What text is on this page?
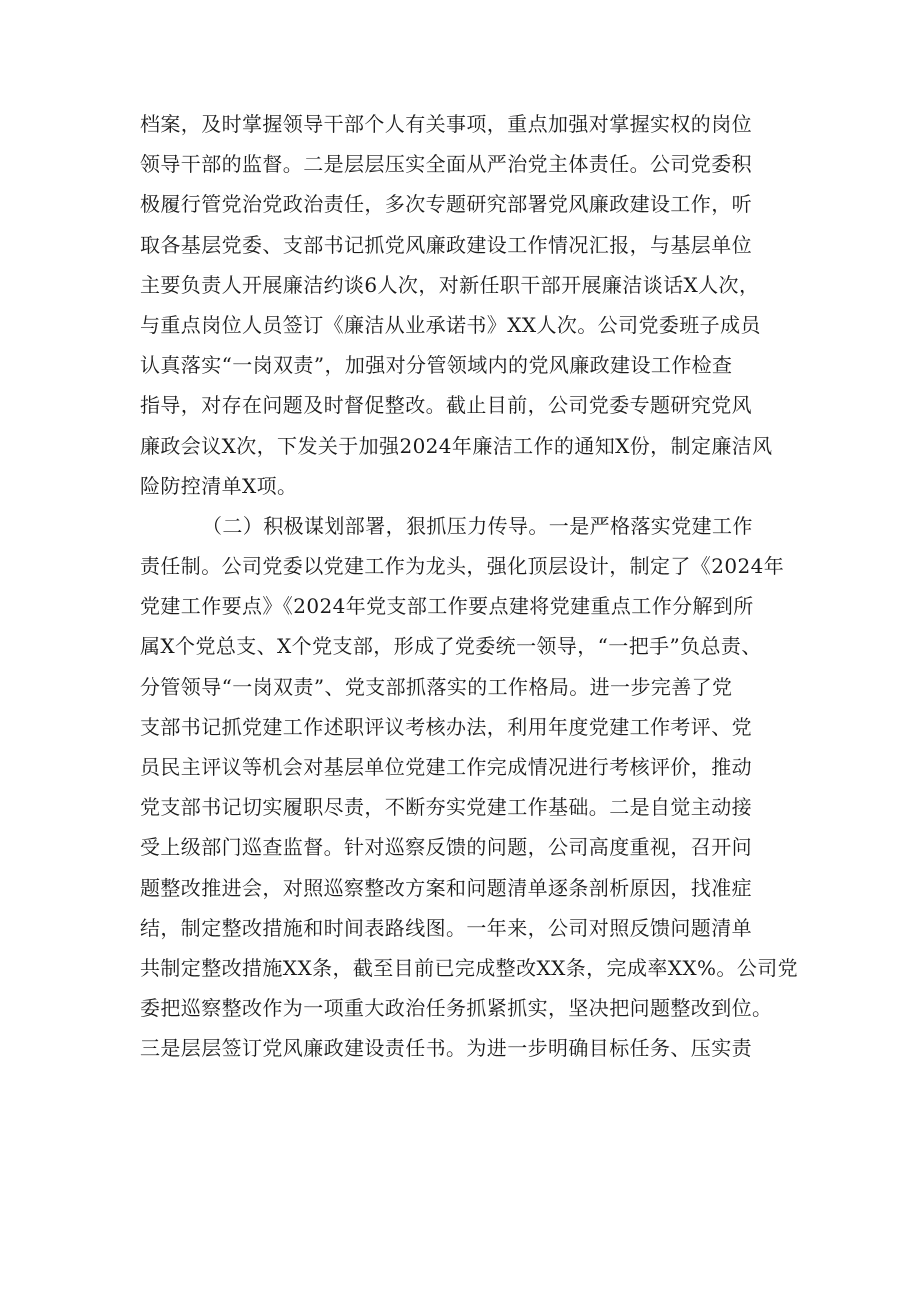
档案，及时掌握领导干部个人有关事项，重点加强对掌握实权的岗位
领导干部的监督。二是层层压实全面从严治党主体责任。公司党委积
极履行管党治党政治责任，多次专题研究部署党风廉政建设工作，听
取各基层党委、支部书记抓党风廉政建设工作情况汇报，与基层单位
主要负责人开展廉洁约谈6人次，对新任职干部开展廉洁谈话X人次，
与重点岗位人员签订《廉洁从业承诺书》XX人次。公司党委班子成员
认真落实“一岗双责”，加强对分管领域内的党风廉政建设工作检查
指导，对存在问题及时督促整改。截止目前，公司党委专题研究党风
廉政会议X次，下发关于加强2024年廉洁工作的通知X份，制定廉洁风
险防控清单X项。
（二）积极谋划部署，狠抓压力传导。一是严格落实党建工作
责任制。公司党委以党建工作为龙头，强化顶层设计，制定了《2024年
党建工作要点》《2024年党支部工作要点建将党建重点工作分解到所
属X个党总支、X个党支部，形成了党委统一领导，“一把手”负总责、
分管领导“一岗双责”、党支部抓落实的工作格局。进一步完善了党
支部书记抓党建工作述职评议考核办法，利用年度党建工作考评、党
员民主评议等机会对基层单位党建工作完成情况进行考核评价，推动
党支部书记切实履职尽责，不断夯实党建工作基础。二是自觉主动接
受上级部门巡查监督。针对巡察反馈的问题，公司高度重视，召开问
题整改推进会，对照巡察整改方案和问题清单逐条剖析原因，找准症
结，制定整改措施和时间表路线图。一年来，公司对照反馈问题清单
共制定整改措施XX条，截至目前已完成整改XX条，完成率XX%。公司党
委把巡察整改作为一项重大政治任务抓紧抓实，坚决把问题整改到位。
三是层层签订党风廉政建设责任书。为进一步明确目标任务、压实责
